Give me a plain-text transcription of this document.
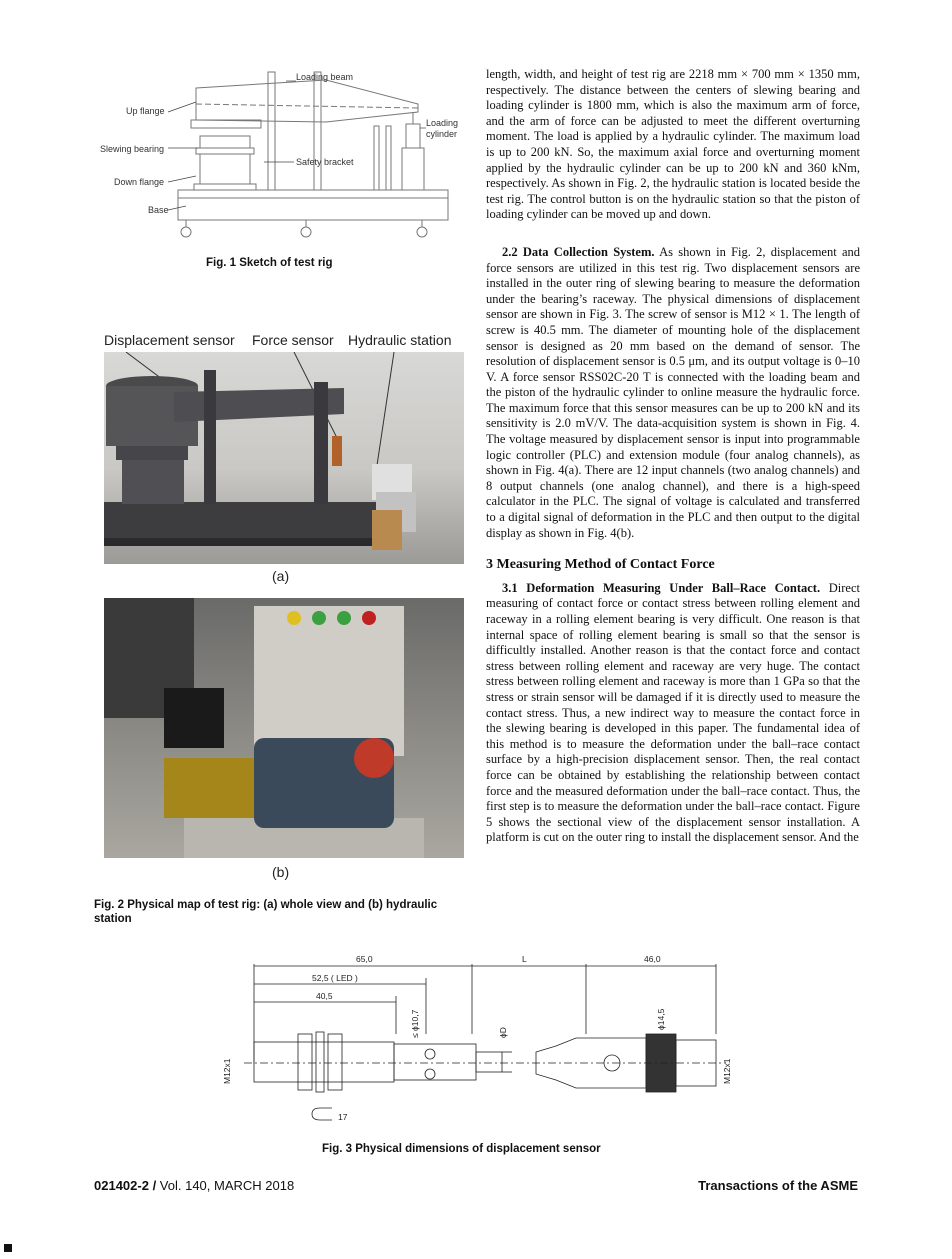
Loading beam
Up flange
Loading
cylinder
Slewing bearing
Safety bracket
Down flange
Base
Fig. 1 Sketch of test rig
Displacement sensor Force sensor Hydraulic station
(a)
(b)
Fig. 2 Physical map of test rig: (a) whole view and (b) hydraulic station

length, width, and height of test rig are 2218 mm × 700 mm × 1350 mm, respectively. The distance between the centers of slewing bearing and loading cylinder is 1800 mm, which is also the maximum arm of force, and the arm of force can be adjusted to meet the different overturning moment. The load is applied by a hydraulic cylinder. The maximum load is up to 200 kN. So, the maximum axial force and overturning moment applied by the hydraulic cylinder can be up to 200 kN and 360 kNm, respectively. As shown in Fig. 2, the hydraulic station is located beside the test rig. The control button is on the hydraulic station so that the piston of loading cylinder can be moved up and down.

2.2 Data Collection System. As shown in Fig. 2, displacement and force sensors are utilized in this test rig. Two displacement sensors are installed in the outer ring of slewing bearing to measure the deformation under the bearing’s raceway. The physical dimensions of displacement sensor are shown in Fig. 3. The screw of sensor is M12 × 1. The length of screw is 40.5 mm. The diameter of mounting hole of the displacement sensor is designed as 20 mm based on the demand of sensor. The resolution of displacement sensor is 0.5 μm, and its output voltage is 0–10 V. A force sensor RSS02C-20 T is connected with the loading beam and the piston of the hydraulic cylinder to online measure the hydraulic force. The maximum force that this sensor measures can be up to 200 kN and its sensitivity is 2.0 mV/V. The data-acquisition system is shown in Fig. 4. The voltage measured by displacement sensor is input into programmable logic controller (PLC) and extension module (four analog channels), as shown in Fig. 4(a). There are 12 input channels (two analog channels) and 8 output channels (one analog channel), and there is a high-speed calculator in the PLC. The signal of voltage is calculated and transferred to a digital signal of deformation in the PLC and then output to the digital display as shown in Fig. 4(b).

3 Measuring Method of Contact Force

3.1 Deformation Measuring Under Ball–Race Contact. Direct measuring of contact force or contact stress between rolling element and raceway in a rolling element bearing is very difficult. One reason is that internal space of rolling element bearing is small so that the sensor is difficultly installed. Another reason is that the contact force and contact stress between rolling element and raceway are very huge. The contact stress between rolling element and raceway is more than 1 GPa so that the stress or strain sensor will be damaged if it is directly used to measure the contact stress. Thus, a new indirect way to measure the contact force in the slewing bearing is developed in this paper. The fundamental idea of this method is to measure the deformation under the ball–race contact surface by a high-precision displacement sensor. Then, the real contact force can be obtained by establishing the relationship between contact force and the measured deformation under the ball–race contact. Thus, the first step is to measure the deformation under the ball–race contact. Figure 5 shows the sectional view of the displacement sensor installation. A platform is cut on the outer ring to install the displacement sensor. And the

65,0	L	46,0
52,5 ( LED )
40,5
≤ ϕ10,7	ϕD
ϕ14,5
M12x1	M12x1
17
Fig. 3 Physical dimensions of displacement sensor
021402-2 / Vol. 140, MARCH 2018	Transactions of the ASME
